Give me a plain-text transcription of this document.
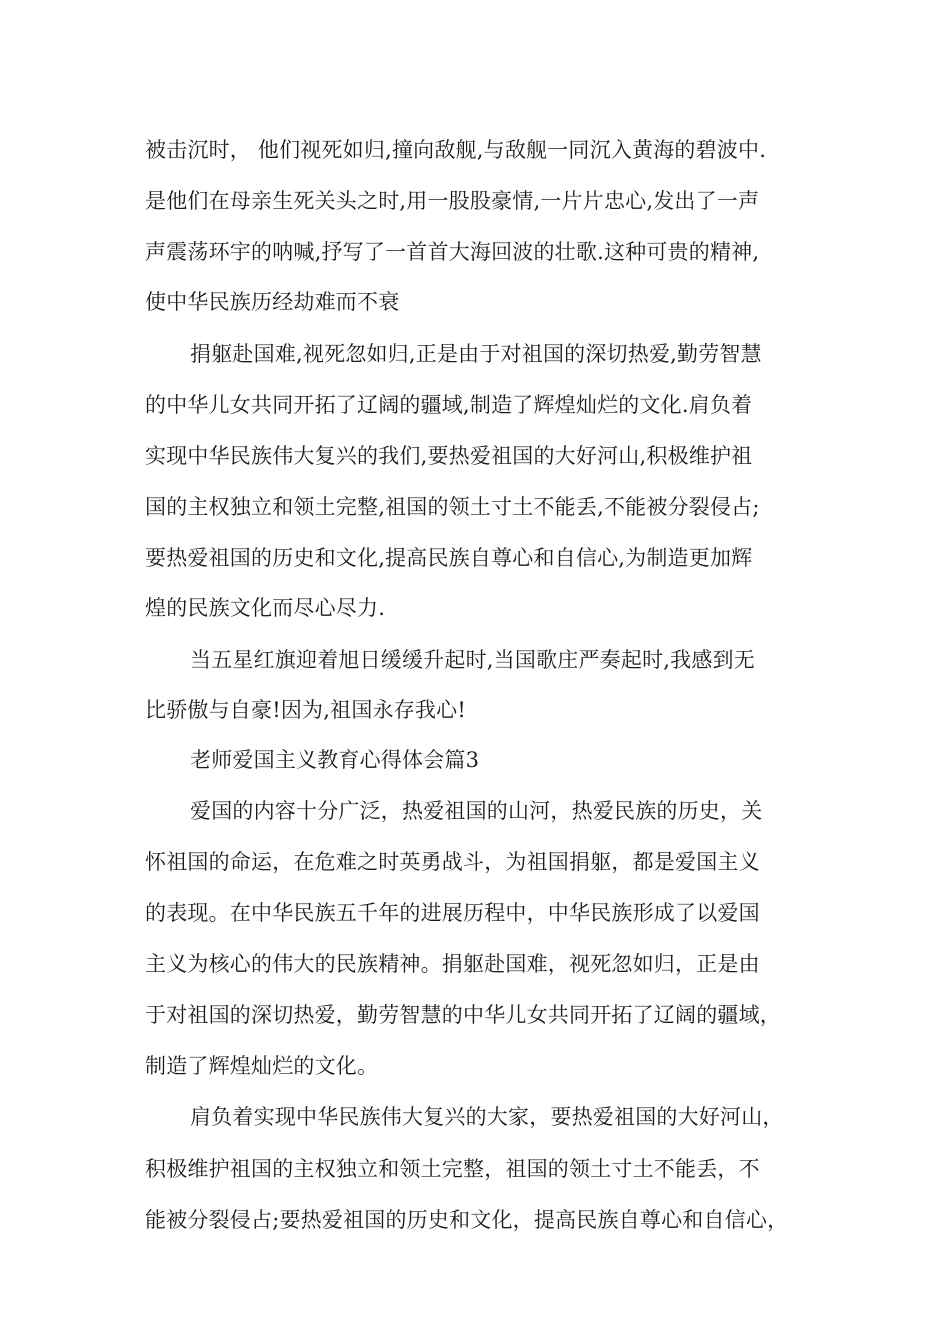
被击沉时， 他们视死如归,撞向敌舰,与敌舰一同沉入黄海的碧波中.
是他们在母亲生死关头之时,用一股股豪情,一片片忠心,发出了一声
声震荡环宇的呐喊,抒写了一首首大海回波的壮歌.这种可贵的精神,
使中华民族历经劫难而不衰
捐躯赴国难,视死忽如归,正是由于对祖国的深切热爱,勤劳智慧
的中华儿女共同开拓了辽阔的疆域,制造了辉煌灿烂的文化.肩负着
实现中华民族伟大复兴的我们,要热爱祖国的大好河山,积极维护祖
国的主权独立和领土完整,祖国的领土寸土不能丢,不能被分裂侵占;
要热爱祖国的历史和文化,提高民族自尊心和自信心,为制造更加辉
煌的民族文化而尽心尽力.
当五星红旗迎着旭日缓缓升起时,当国歌庄严奏起时,我感到无
比骄傲与自豪!因为,祖国永存我心!
老师爱国主义教育心得体会篇3
爱国的内容十分广泛，热爱祖国的山河，热爱民族的历史，关
怀祖国的命运，在危难之时英勇战斗，为祖国捐躯，都是爱国主义
的表现。在中华民族五千年的进展历程中，中华民族形成了以爱国
主义为核心的伟大的民族精神。捐躯赴国难，视死忽如归，正是由
于对祖国的深切热爱，勤劳智慧的中华儿女共同开拓了辽阔的疆域，
制造了辉煌灿烂的文化。
肩负着实现中华民族伟大复兴的大家，要热爱祖国的大好河山，
积极维护祖国的主权独立和领土完整，祖国的领土寸土不能丢，不
能被分裂侵占;要热爱祖国的历史和文化，提高民族自尊心和自信心，
